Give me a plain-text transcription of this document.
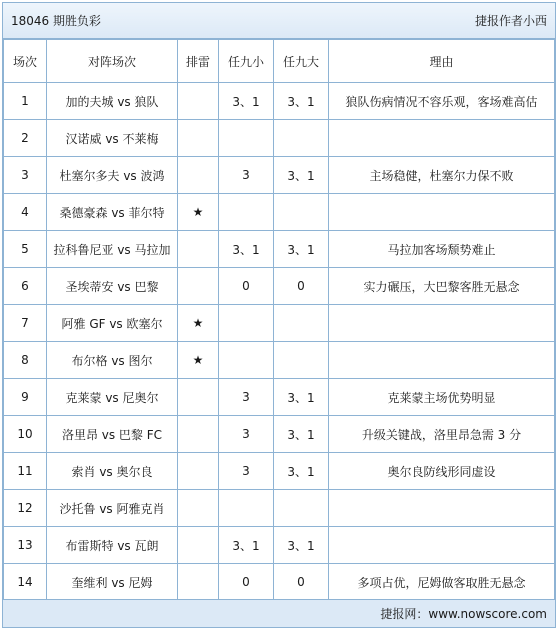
18046 期胜负彩	捷报作者小西
场次	对阵场次	排雷	任九小	任九大	理由
1	加的夫城 vs 狼队		3、1	3、1	狼队伤病情况不容乐观，客场难高估
2	汉诺威 vs 不莱梅				
3	杜塞尔多夫 vs 波鸿		3	3、1	主场稳健，杜塞尔力保不败
4	桑德豪森 vs 菲尔特	★			
5	拉科鲁尼亚 vs 马拉加		3、1	3、1	马拉加客场颓势难止
6	圣埃蒂安 vs 巴黎		0	0	实力碾压，大巴黎客胜无悬念
7	阿雅 GF vs 欧塞尔	★			
8	布尔格 vs 图尔	★			
9	克莱蒙 vs 尼奥尔		3	3、1	克莱蒙主场优势明显
10	洛里昂 vs 巴黎 FC		3	3、1	升级关键战，洛里昂急需 3 分
11	索肖 vs 奥尔良		3	3、1	奥尔良防线形同虚设
12	沙托鲁 vs 阿雅克肖				
13	布雷斯特 vs 瓦朗		3、1	3、1	
14	奎维利 vs 尼姆		0	0	多项占优，尼姆做客取胜无悬念
捷报网：www.nowscore.com
